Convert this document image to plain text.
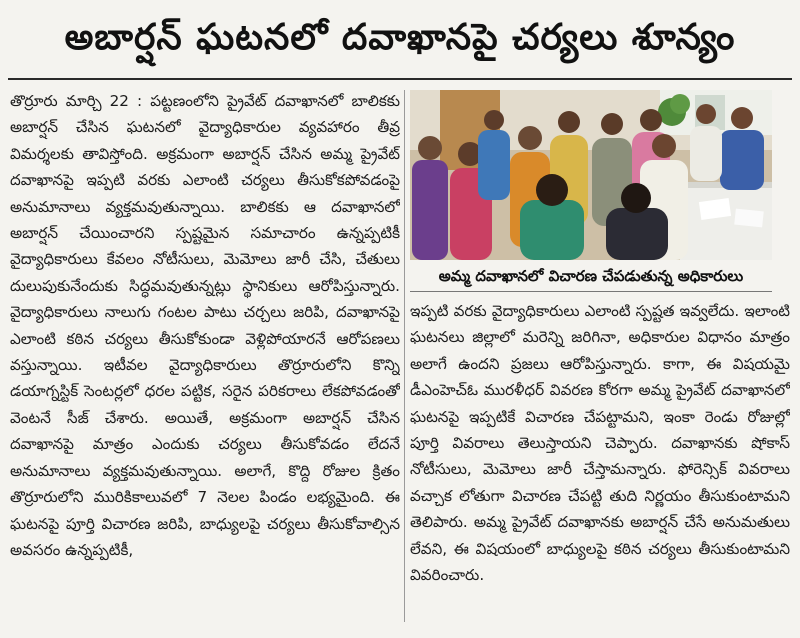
అబార్షన్ ఘటనలో దవాఖానపై చర్యలు శూన్యం

తొర్రూరు మార్చి 22 : పట్టణంలోని ప్రైవేట్ దవాఖానలో బాలికకు అబార్షన్ చేసిన ఘటనలో వైద్యాధికారుల వ్యవహారం తీవ్ర విమర్శలకు తావిస్తోంది. అక్రమంగా అబార్షన్ చేసిన అమ్మ ప్రైవేట్ దవాఖానపై ఇప్పటి వరకు ఎలాంటి చర్యలు తీసుకోకపోవడంపై అనుమానాలు వ్యక్తమవుతున్నాయి. బాలికకు ఆ దవాఖానలో అబార్షన్ చేయించారని స్పష్టమైన సమాచారం ఉన్నప్పటికీ వైద్యాధికారులు కేవలం నోటీసులు, మెమోలు జారీ చేసి, చేతులు దులుపుకునేందుకు సిద్ధమవుతున్నట్లు స్థానికులు ఆరోపిస్తున్నారు. వైద్యాధికారులు నాలుగు గంటల పాటు చర్చలు జరిపి, దవాఖానపై ఎలాంటి కఠిన చర్యలు తీసుకోకుండా వెళ్లిపోయారనే ఆరోపణలు వస్తున్నాయి. ఇటీవల వైద్యాధికారులు తొర్రూరులోని కొన్ని డయాగ్నస్టిక్ సెంటర్లలో ధరల పట్టిక, సరైన పరికరాలు లేకపోవడంతో వెంటనే సీజ్ చేశారు. అయితే, అక్రమంగా అబార్షన్ చేసిన దవాఖానపై మాత్రం ఎందుకు చర్యలు తీసుకోవడం లేదనే అనుమానాలు వ్యక్తమవుతున్నాయి. అలాగే, కొద్ది రోజుల క్రితం తొర్రూరులోని మురికికాలువలో 7 నెలల పిండం లభ్యమైంది. ఈ ఘటనపై పూర్తి విచారణ జరిపి, బాధ్యులపై చర్యలు తీసుకోవాల్సిన అవసరం ఉన్నప్పటికీ,

అమ్మ దవాఖానలో విచారణ చేపడుతున్న అధికారులు

ఇప్పటి వరకు వైద్యాధికారులు ఎలాంటి స్పష్టత ఇవ్వలేదు. ఇలాంటి ఘటనలు జిల్లాలో మరెన్ని జరిగినా, అధికారుల విధానం మాత్రం అలాగే ఉందని ప్రజలు ఆరోపిస్తున్నారు. కాగా, ఈ విషయమై డీఎంహెచ్ఓ మురళీధర్ వివరణ కోరగా అమ్మ ప్రైవేట్ దవాఖానలో ఘటనపై ఇప్పటికే విచారణ చేపట్టామని, ఇంకా రెండు రోజుల్లో పూర్తి వివరాలు తెలుస్తాయని చెప్పారు. దవాఖానకు షోకాస్ నోటీసులు, మెమోలు జారీ చేస్తామన్నారు. ఫోరెన్సిక్ వివరాలు వచ్చాక లోతుగా విచారణ చేపట్టి తుది నిర్ణయం తీసుకుంటామని తెలిపారు. అమ్మ ప్రైవేట్ దవాఖానకు అబార్షన్ చేసే అనుమతులు లేవని, ఈ విషయంలో బాధ్యులపై కఠిన చర్యలు తీసుకుంటామని వివరించారు.
